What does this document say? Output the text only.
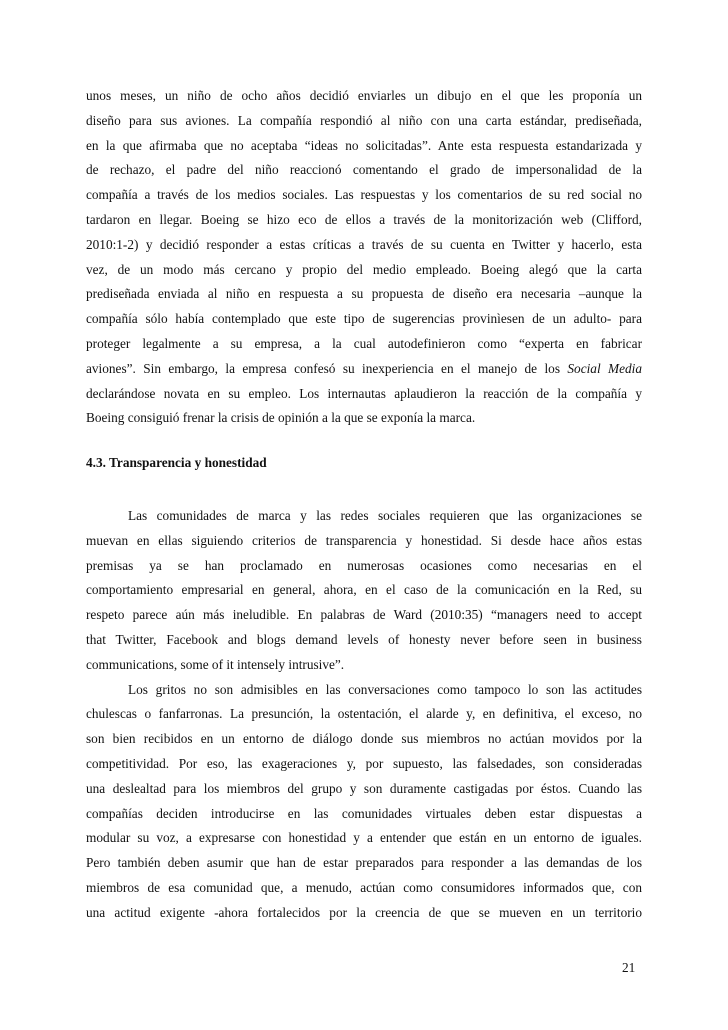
unos meses, un niño de ocho años decidió enviarles un dibujo en el que les proponía un
diseño para sus aviones. La compañía respondió al niño con una carta estándar, prediseñada,
en la que afirmaba que no aceptaba “ideas no solicitadas”. Ante esta respuesta estandarizada y
de rechazo, el padre del niño reaccionó comentando el grado de impersonalidad de la
compañía a través de los medios sociales. Las respuestas y los comentarios de su red social no
tardaron en llegar. Boeing se hizo eco de ellos a través de la monitorización web (Clifford,
2010:1-2) y decidió responder a estas críticas a través de su cuenta en Twitter y hacerlo, esta
vez, de un modo más cercano y propio del medio empleado. Boeing alegó que la carta
prediseñada enviada al niño en respuesta a su propuesta de diseño era necesaria –aunque la
compañía sólo había contemplado que este tipo de sugerencias provinìesen de un adulto- para
proteger legalmente a su empresa, a la cual autodefinieron como “experta en fabricar
aviones”. Sin embargo, la empresa confesó su inexperiencia en el manejo de los Social Media
declarándose novata en su empleo. Los internautas aplaudieron la reacción de la compañía y
Boeing consiguió frenar la crisis de opinión a la que se exponía la marca.
4.3. Transparencia y honestidad
Las comunidades de marca y las redes sociales requieren que las organizaciones se
muevan en ellas siguiendo criterios de transparencia y honestidad. Si desde hace años estas
premisas ya se han proclamado en numerosas ocasiones como necesarias en el
comportamiento empresarial en general, ahora, en el caso de la comunicación en la Red, su
respeto parece aún más ineludible. En palabras de Ward (2010:35) “managers need to accept
that Twitter, Facebook and blogs demand levels of honesty never before seen in business
communications, some of it intensely intrusive”.
Los gritos no son admisibles en las conversaciones como tampoco lo son las actitudes
chulescas o fanfarronas. La presunción, la ostentación, el alarde y, en definitiva, el exceso, no
son bien recibidos en un entorno de diálogo donde sus miembros no actúan movidos por la
competitividad. Por eso, las exageraciones y, por supuesto, las falsedades, son consideradas
una deslealtad para los miembros del grupo y son duramente castigadas por éstos. Cuando las
compañías deciden introducirse en las comunidades virtuales deben estar dispuestas a
modular su voz, a expresarse con honestidad y a entender que están en un entorno de iguales.
Pero también deben asumir que han de estar preparados para responder a las demandas de los
miembros de esa comunidad que, a menudo, actúan como consumidores informados que, con
una actitud exigente -ahora fortalecidos por la creencia de que se mueven en un territorio
21
